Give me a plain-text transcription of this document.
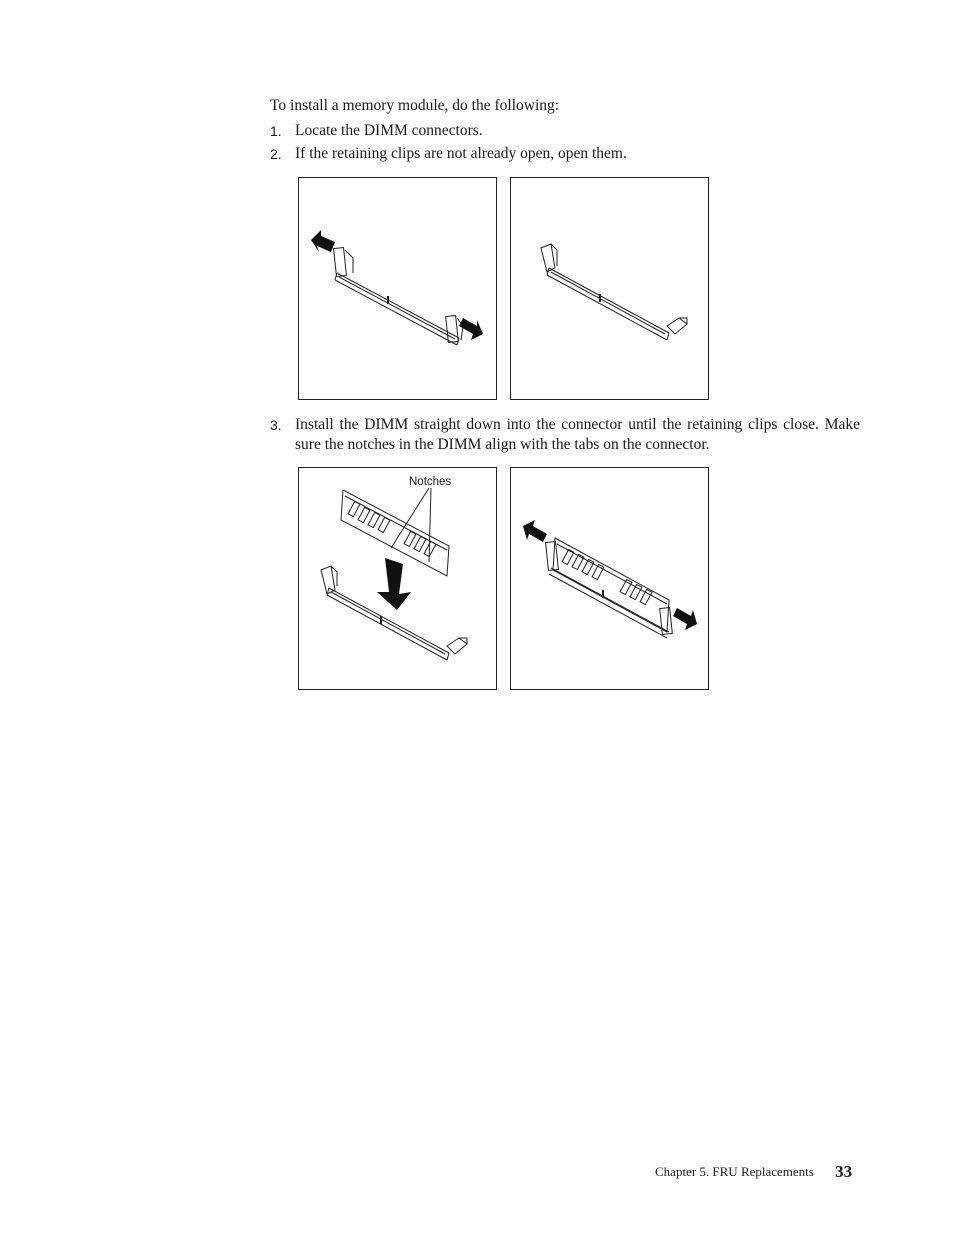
To install a memory module, do the following:

1. Locate the DIMM connectors.
2. If the retaining clips are not already open, open them.
3. Install the DIMM straight down into the connector until the retaining clips close. Make sure the notches in the DIMM align with the tabs on the connector.
Notches
Chapter 5. FRU Replacements 33
